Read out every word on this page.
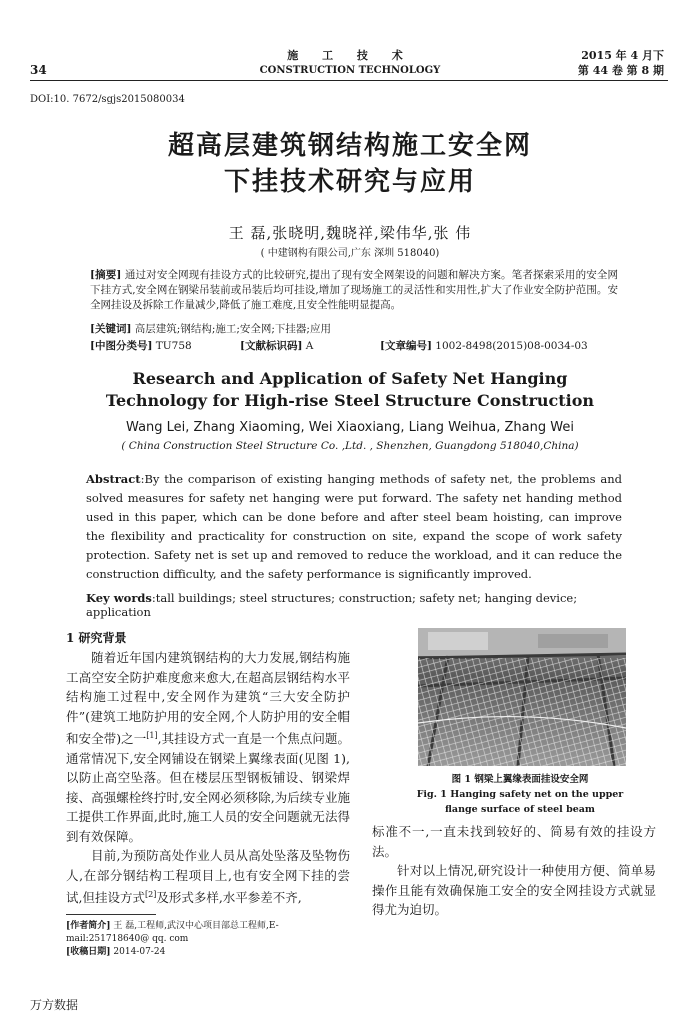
34
施 工 技 术
CONSTRUCTION TECHNOLOGY
2015 年 4 月下
第 44 卷 第 8 期
DOI:10. 7672/sgjs2015080034
超高层建筑钢结构施工安全网
下挂技术研究与应用
王 磊,张晓明,魏晓祥,梁伟华,张 伟
( 中建钢构有限公司,广东 深圳 518040)
[摘要] 通过对安全网现有挂设方式的比较研究,提出了现有安全网架设的问题和解决方案。笔者探索采用的安全网下挂方式,安全网在钢梁吊装前或吊装后均可挂设,增加了现场施工的灵活性和实用性,扩大了作业安全防护范围。安全网挂设及拆除工作量减少,降低了施工难度,且安全性能明显提高。
[关键词] 高层建筑;钢结构;施工;安全网;下挂器;应用
[中图分类号] TU758	[文献标识码] A	[文章编号] 1002-8498(2015)08-0034-03
Research and Application of Safety Net Hanging
Technology for High-rise Steel Structure Construction
Wang Lei, Zhang Xiaoming, Wei Xiaoxiang, Liang Weihua, Zhang Wei
( China Construction Steel Structure Co. ,Ltd. , Shenzhen, Guangdong 518040,China)
Abstract:By the comparison of existing hanging methods of safety net, the problems and solved measures for safety net hanging were put forward. The safety net handing method used in this paper, which can be done before and after steel beam hoisting, can improve the flexibility and practicality for construction on site, expand the scope of work safety protection. Safety net is set up and removed to reduce the workload, and it can reduce the construction difficulty, and the safety performance is significantly improved.
Key words:tall buildings; steel structures; construction; safety net; hanging device; application
1 研究背景

随着近年国内建筑钢结构的大力发展,钢结构施工高空安全防护难度愈来愈大,在超高层钢结构水平结构施工过程中,安全网作为建筑“三大安全防护件”(建筑工地防护用的安全网,个人防护用的安全帽和安全带)之一[1],其挂设方式一直是一个焦点问题。通常情况下,安全网铺设在钢梁上翼缘表面(见图 1),以防止高空坠落。但在楼层压型钢板铺设、钢梁焊接、高强螺栓终拧时,安全网必须移除,为后续专业施工提供工作界面,此时,施工人员的安全问题就无法得到有效保障。

目前,为预防高处作业人员从高处坠落及坠物伤人,在部分钢结构工程项目上,也有安全网下挂的尝试,但挂设方式[2]及形式多样,水平参差不齐,

[作者简介] 王 磊,工程师,武汉中心项目部总工程师,E-mail:251718640@ qq. com
[收稿日期] 2014-07-24
图 1 钢梁上翼缘表面挂设安全网
Fig. 1 Hanging safety net on the upper
flange surface of steel beam

标准不一,一直未找到较好的、简易有效的挂设方法。

针对以上情况,研究设计一种使用方便、简单易操作且能有效确保施工安全的安全网挂设方式就显得尤为迫切。

万方数据
